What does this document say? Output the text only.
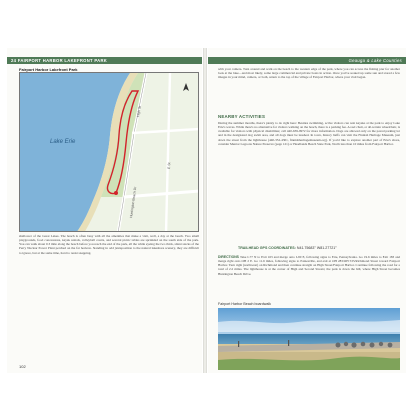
24 FAIRPORT HARBOR LAKEFRONT PARK
Fairport Harbor Lakefront Park
Lake Erie
High St
E St
Huntington Beach Dr
shallower of the Great Lakes. The beach is often busy with all the amenities that make a visit, well, a day at the beach. Two small playgrounds, food concessions, kayak rentals, volleyball courts, and several picnic tables are sprinkled on the south side of the park. You can walk about 0.3 mile along the beach before you reach the end of the park, all the while eyeing the two thick, silent stacks of the Perry Nuclear Power Plant perched on the far horizon. Standing in odd juxtaposition to the natural lakeshore scenery, they are difficult to ignore, but at the same time, hard to resist snapping.
102
Geauga & Lake Counties
with your camera. Turn around and walk on the beach to the western edge of the park, where you can access the fishing pier for another look at the lake—and most likely, some large commercial and private boats in action. Once you've soaked up some sun and stored a few images in your mind, camera, or both, return to the top of the village of Fairport Harbor, where your visit began.
NEARBY ACTIVITIES
During the summer months, there's plenty to do right here: Besides swimming, active visitors can rent kayaks at the park to enjoy Lake Erie's waves. While there's no alternative for visitors walking on the beach, there is a parking fee. A reel chair, or all-terrain wheelchair, is available for visitors with physical disabilities; call 440-639-9972 for more information. Dogs are allowed only on the paved parking lot and in the designated dog swim area, and all dogs must be leashed. In town, history buffs can visit the Finnish Heritage Museum, just down the street from the lighthouse (440-352-4301, finnishheritagemuseum.org). If you'd like to explore another part of Erie's shore, consider Mentor Lagoons Nature Preserve (page 121) or Headlands Beach State Park, North less than 10 miles from Fairport Harbor.
TRAILHEAD GPS COORDINATES: N41.75683° W81.27721°
DIRECTIONS Take I-77 N to Exit 163 and merge onto I-90 E, following signs to Erie, Pennsylvania. Go 19.6 miles to Exit 183 and merge right onto OH 2 E. Go 11.6 miles, following signs to Painesville, and exit at OH 283/OH 535/Richmond Street toward Fairport Harbor. Turn right (northwest) on Richmond and then continue straight on High Street/Fairport Harbor. Continue following the road for a total of 2.2 miles. The lighthouse is at the corner of High and Second Streets; the park is down the hill, where High Street becomes Huntington Beach Drive.
Fairport Harbor Beach boardwalk
